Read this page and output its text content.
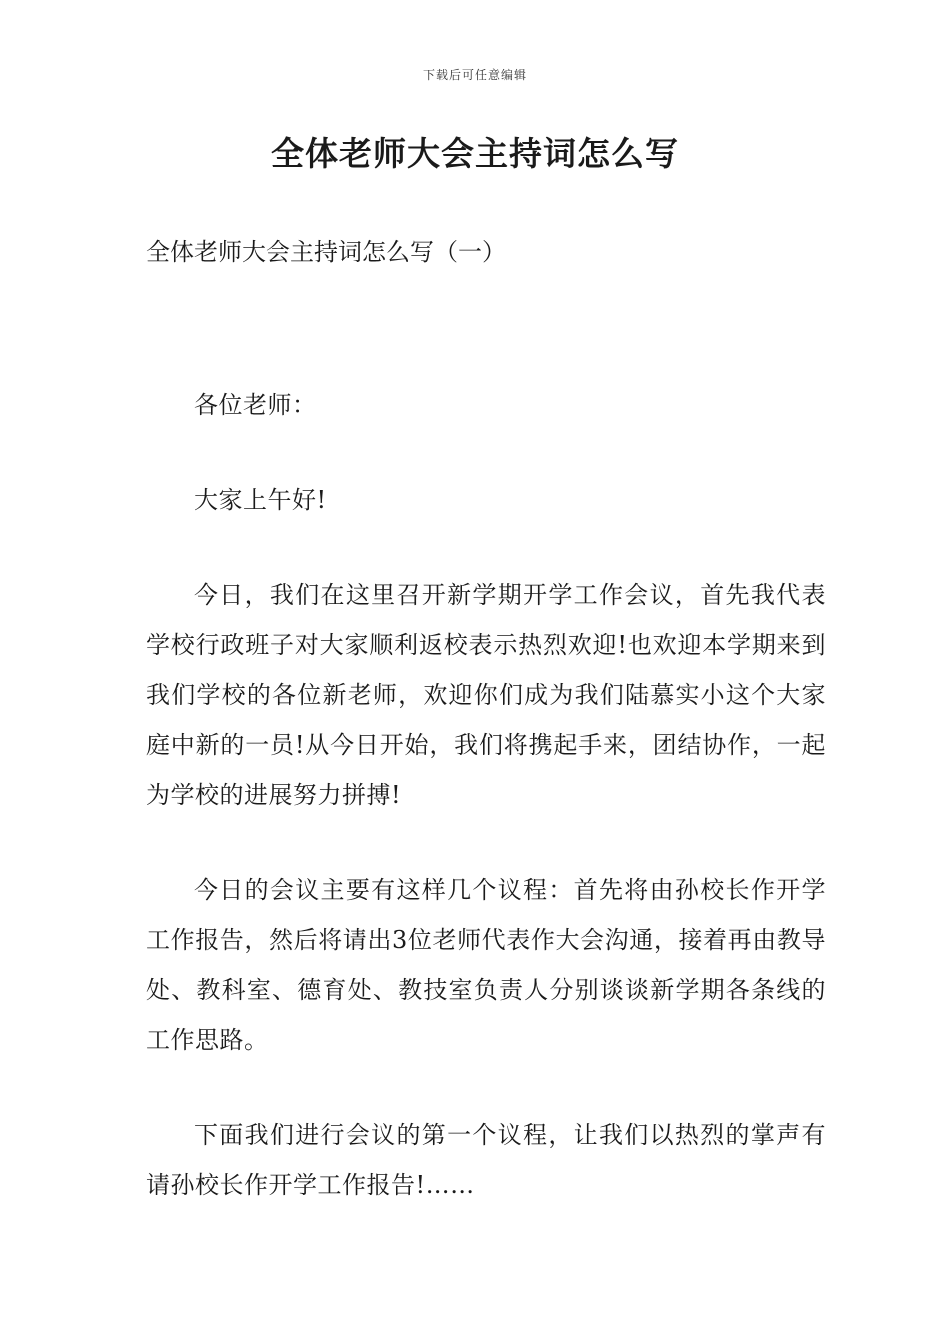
下载后可任意编辑
全体老师大会主持词怎么写

全体老师大会主持词怎么写（一）

各位老师：

大家上午好!

今日，我们在这里召开新学期开学工作会议，首先我代表学校行政班子对大家顺利返校表示热烈欢迎!也欢迎本学期来到我们学校的各位新老师，欢迎你们成为我们陆慕实小这个大家庭中新的一员!从今日开始，我们将携起手来，团结协作，一起为学校的进展努力拼搏!

今日的会议主要有这样几个议程：首先将由孙校长作开学工作报告，然后将请出3位老师代表作大会沟通，接着再由教导处、教科室、德育处、教技室负责人分别谈谈新学期各条线的工作思路。

下面我们进行会议的第一个议程，让我们以热烈的掌声有请孙校长作开学工作报告!……
